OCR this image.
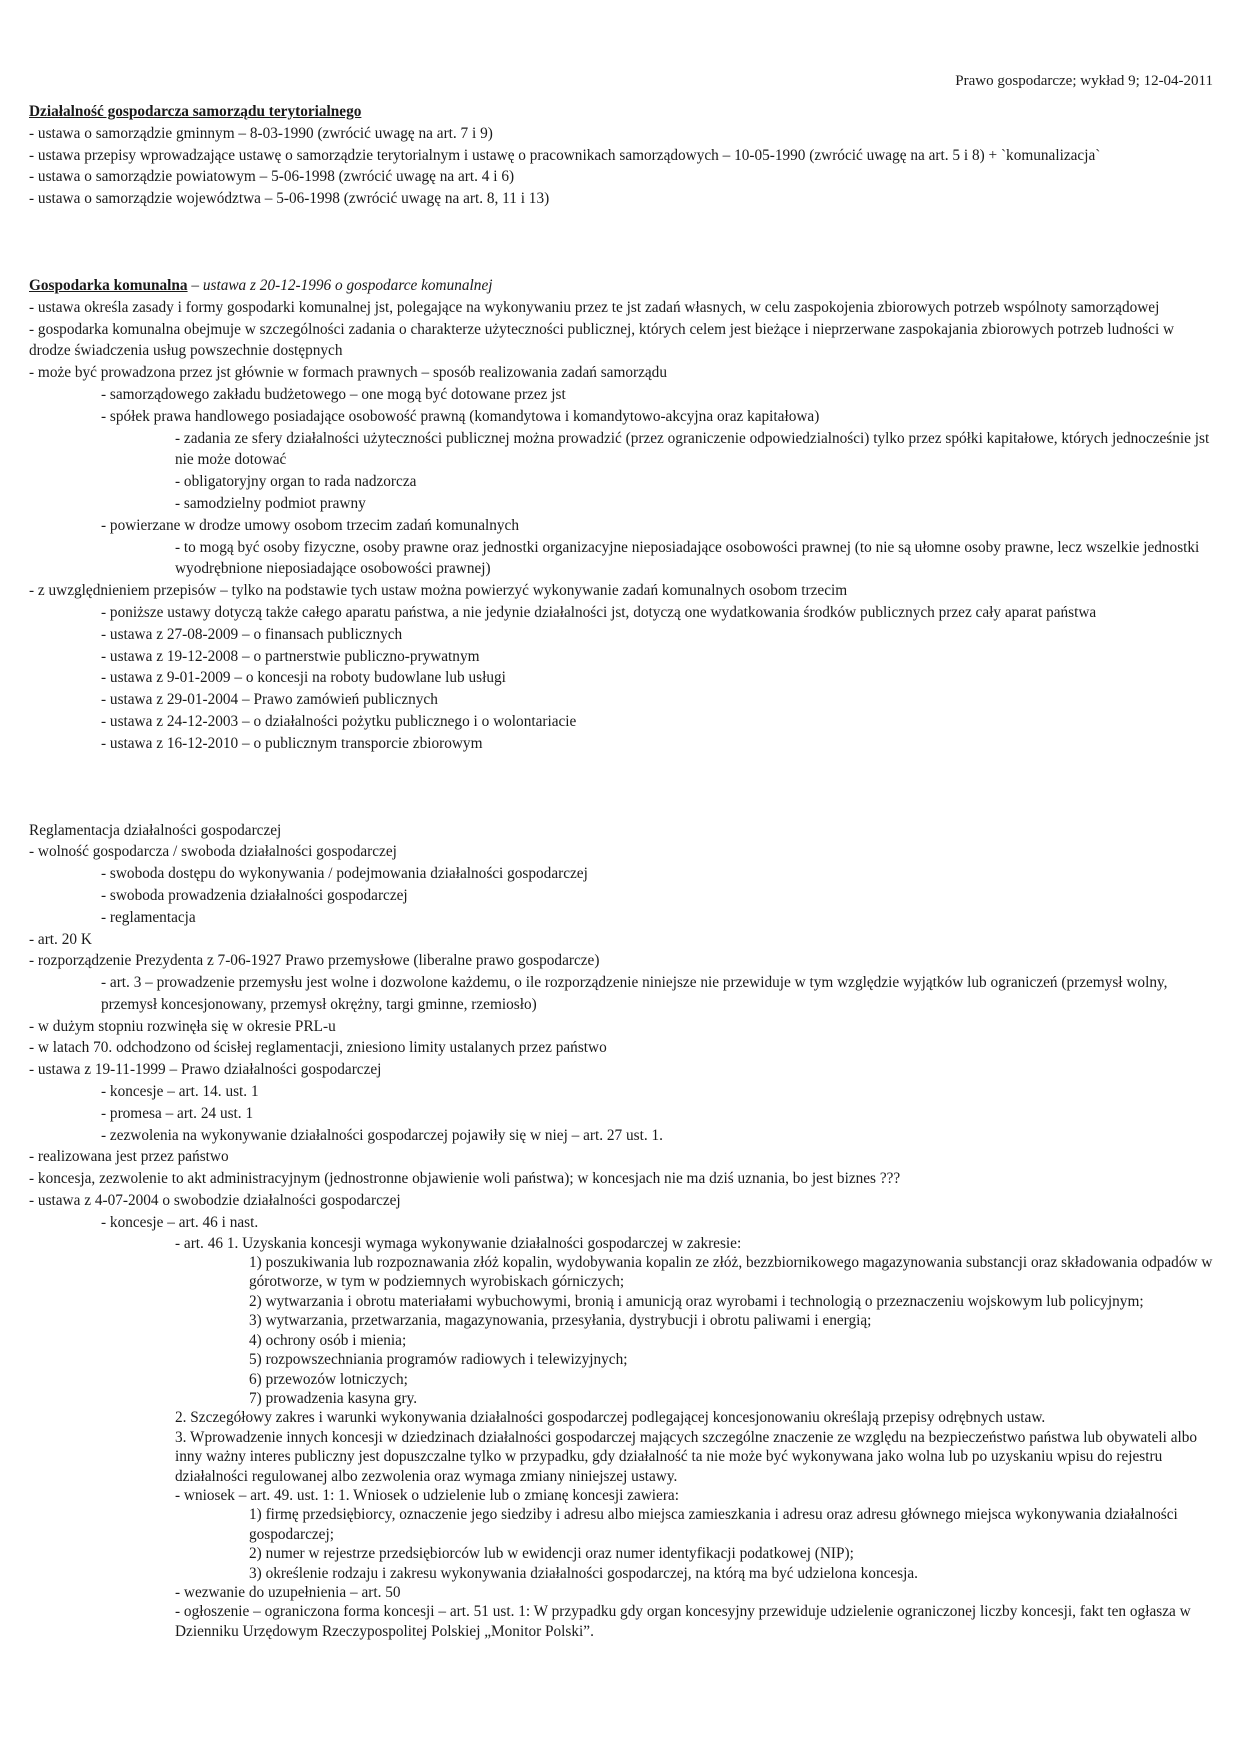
Prawo gospodarcze; wykład 9; 12-04-2011

Działalność gospodarcza samorządu terytorialnego

- ustawa o samorządzie gminnym – 8-03-1990 (zwrócić uwagę na art. 7 i 9)

- ustawa przepisy wprowadzające ustawę o samorządzie terytorialnym i ustawę o pracownikach samorządowych – 10-05-1990 (zwrócić uwagę na art. 5 i 8) + `komunalizacja`

- ustawa o samorządzie powiatowym – 5-06-1998 (zwrócić uwagę na art. 4 i 6)

- ustawa o samorządzie województwa – 5-06-1998 (zwrócić uwagę na art. 8, 11 i 13)

Gospodarka komunalna – ustawa z 20-12-1996 o gospodarce komunalnej

- ustawa określa zasady i formy gospodarki komunalnej jst, polegające na wykonywaniu przez te jst zadań własnych, w celu zaspokojenia zbiorowych potrzeb wspólnoty samorządowej

- gospodarka komunalna obejmuje w szczególności zadania o charakterze użyteczności publicznej, których celem jest bieżące i nieprzerwane zaspokajania zbiorowych potrzeb ludności w drodze świadczenia usług powszechnie dostępnych

- może być prowadzona przez jst głównie w formach prawnych – sposób realizowania zadań samorządu

- samorządowego zakładu budżetowego – one mogą być dotowane przez jst

- spółek prawa handlowego posiadające osobowość prawną (komandytowa i komandytowo-akcyjna oraz kapitałowa)

- zadania ze sfery działalności użyteczności publicznej można prowadzić (przez ograniczenie odpowiedzialności) tylko przez spółki kapitałowe, których jednocześnie jst nie może dotować

- obligatoryjny organ to rada nadzorcza

- samodzielny podmiot prawny

- powierzane w drodze umowy osobom trzecim zadań komunalnych

- to mogą być osoby fizyczne, osoby prawne oraz jednostki organizacyjne nieposiadające osobowości prawnej (to nie są ułomne osoby prawne, lecz wszelkie jednostki wyodrębnione nieposiadające osobowości prawnej)

- z uwzględnieniem przepisów – tylko na podstawie tych ustaw można powierzyć wykonywanie zadań komunalnych osobom trzecim

- poniższe ustawy dotyczą także całego aparatu państwa, a nie jedynie działalności jst, dotyczą one wydatkowania środków publicznych przez cały aparat państwa

- ustawa z 27-08-2009 – o finansach publicznych

- ustawa z 19-12-2008 – o partnerstwie publiczno-prywatnym

- ustawa z 9-01-2009 – o koncesji na roboty budowlane lub usługi

- ustawa z 29-01-2004 – Prawo zamówień publicznych

- ustawa z 24-12-2003 – o działalności pożytku publicznego i o wolontariacie

- ustawa z 16-12-2010 – o publicznym transporcie zbiorowym

Reglamentacja działalności gospodarczej

- wolność gospodarcza / swoboda działalności gospodarczej

- swoboda dostępu do wykonywania / podejmowania działalności gospodarczej

- swoboda prowadzenia działalności gospodarczej

- reglamentacja

- art. 20 K

- rozporządzenie Prezydenta z 7-06-1927 Prawo przemysłowe (liberalne prawo gospodarcze)

- art. 3 – prowadzenie przemysłu jest wolne i dozwolone każdemu, o ile rozporządzenie niniejsze nie przewiduje w tym względzie wyjątków lub ograniczeń (przemysł wolny, przemysł koncesjonowany, przemysł okrężny, targi gminne, rzemiosło)

- w dużym stopniu rozwinęła się w okresie PRL-u

- w latach 70. odchodzono od ścisłej reglamentacji, zniesiono limity ustalanych przez państwo

- ustawa z 19-11-1999 – Prawo działalności gospodarczej

- koncesje – art. 14. ust. 1

- promesa – art. 24 ust. 1

- zezwolenia na wykonywanie działalności gospodarczej pojawiły się w niej – art. 27 ust. 1.

- realizowana jest przez państwo

- koncesja, zezwolenie to akt administracyjnym (jednostronne objawienie woli państwa); w koncesjach nie ma dziś uznania, bo jest biznes ???

- ustawa z 4-07-2004 o swobodzie działalności gospodarczej

- koncesje – art. 46 i nast.

- art. 46 1. Uzyskania koncesji wymaga wykonywanie działalności gospodarczej w zakresie:

1) poszukiwania lub rozpoznawania złóż kopalin, wydobywania kopalin ze złóż, bezzbiornikowego magazynowania substancji oraz składowania odpadów w górotworze, w tym w podziemnych wyrobiskach górniczych;

2) wytwarzania i obrotu materiałami wybuchowymi, bronią i amunicją oraz wyrobami i technologią o przeznaczeniu wojskowym lub policyjnym;

3) wytwarzania, przetwarzania, magazynowania, przesyłania, dystrybucji i obrotu paliwami i energią;

4) ochrony osób i mienia;

5) rozpowszechniania programów radiowych i telewizyjnych;

6) przewozów lotniczych;

7) prowadzenia kasyna gry.

2. Szczegółowy zakres i warunki wykonywania działalności gospodarczej podlegającej koncesjonowaniu określają przepisy odrębnych ustaw.

3. Wprowadzenie innych koncesji w dziedzinach działalności gospodarczej mających szczególne znaczenie ze względu na bezpieczeństwo państwa lub obywateli albo inny ważny interes publiczny jest dopuszczalne tylko w przypadku, gdy działalność ta nie może być wykonywana jako wolna lub po uzyskaniu wpisu do rejestru działalności regulowanej albo zezwolenia oraz wymaga zmiany niniejszej ustawy.

- wniosek – art. 49. ust. 1: 1. Wniosek o udzielenie lub o zmianę koncesji zawiera:

1) firmę przedsiębiorcy, oznaczenie jego siedziby i adresu albo miejsca zamieszkania i adresu oraz adresu głównego miejsca wykonywania działalności gospodarczej;

2) numer w rejestrze przedsiębiorców lub w ewidencji oraz numer identyfikacji podatkowej (NIP);

3) określenie rodzaju i zakresu wykonywania działalności gospodarczej, na którą ma być udzielona koncesja.

- wezwanie do uzupełnienia – art. 50

- ogłoszenie – ograniczona forma koncesji – art. 51 ust. 1: W przypadku gdy organ koncesyjny przewiduje udzielenie ograniczonej liczby koncesji, fakt ten ogłasza w Dzienniku Urzędowym Rzeczypospolitej Polskiej „Monitor Polski”.
